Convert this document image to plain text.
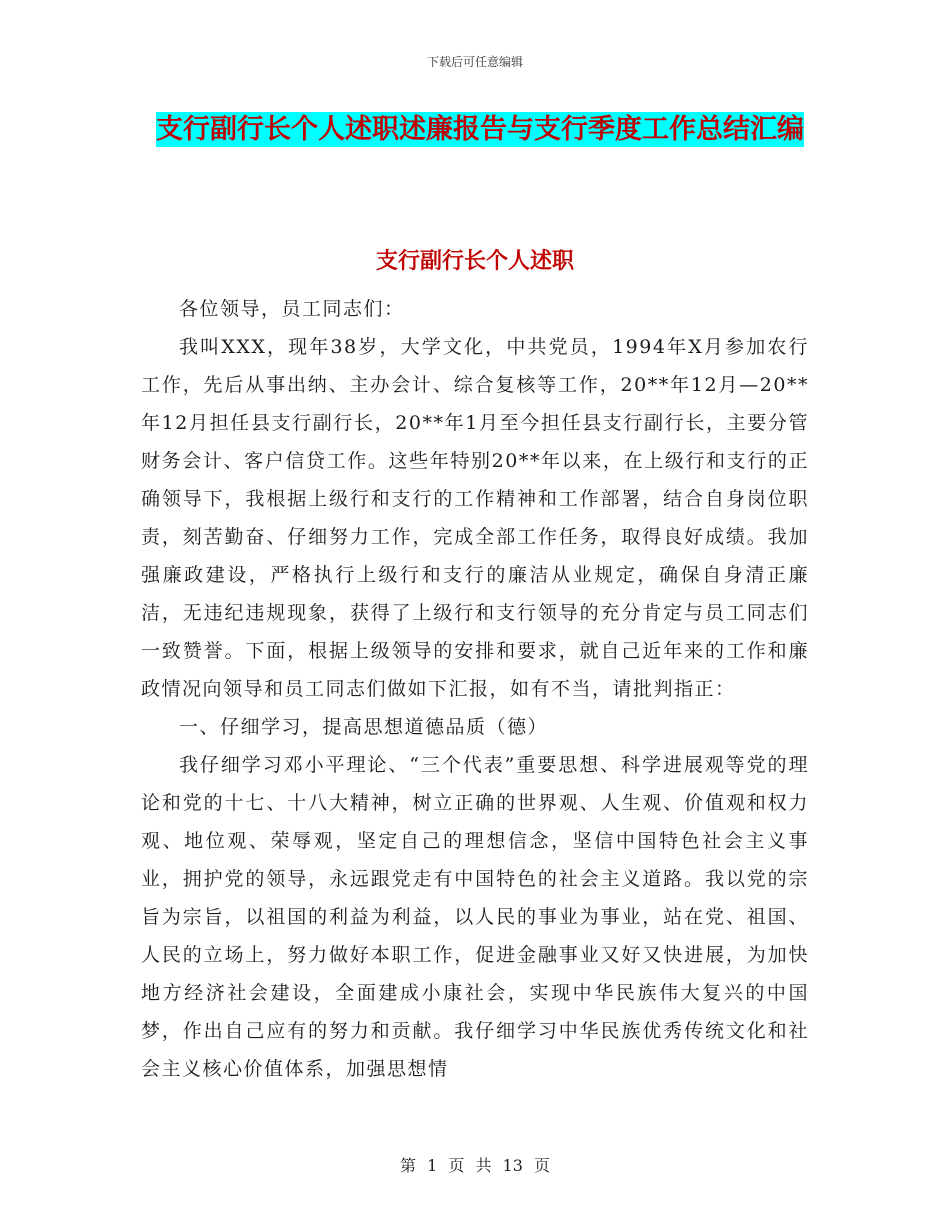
下载后可任意编辑
支行副行长个人述职述廉报告与支行季度工作总结汇编
支行副行长个人述职

各位领导，员工同志们：

我叫XXX，现年38岁，大学文化，中共党员，1994年X月参加农行工作，先后从事出纳、主办会计、综合复核等工作，20**年12月—20**年12月担任县支行副行长，20**年1月至今担任县支行副行长，主要分管财务会计、客户信贷工作。这些年特别20**年以来，在上级行和支行的正确领导下，我根据上级行和支行的工作精神和工作部署，结合自身岗位职责，刻苦勤奋、仔细努力工作，完成全部工作任务，取得良好成绩。我加强廉政建设，严格执行上级行和支行的廉洁从业规定，确保自身清正廉洁，无违纪违规现象，获得了上级行和支行领导的充分肯定与员工同志们一致赞誉。下面，根据上级领导的安排和要求，就自己近年来的工作和廉政情况向领导和员工同志们做如下汇报，如有不当，请批判指正：

一、仔细学习，提高思想道德品质（德）

我仔细学习邓小平理论、“三个代表”重要思想、科学进展观等党的理论和党的十七、十八大精神，树立正确的世界观、人生观、价值观和权力观、地位观、荣辱观，坚定自己的理想信念，坚信中国特色社会主义事业，拥护党的领导，永远跟党走有中国特色的社会主义道路。我以党的宗旨为宗旨，以祖国的利益为利益，以人民的事业为事业，站在党、祖国、人民的立场上，努力做好本职工作，促进金融事业又好又快进展，为加快地方经济社会建设，全面建成小康社会，实现中华民族伟大复兴的中国梦，作出自己应有的努力和贡献。我仔细学习中华民族优秀传统文化和社会主义核心价值体系，加强思想情

第 1 页 共 13 页
